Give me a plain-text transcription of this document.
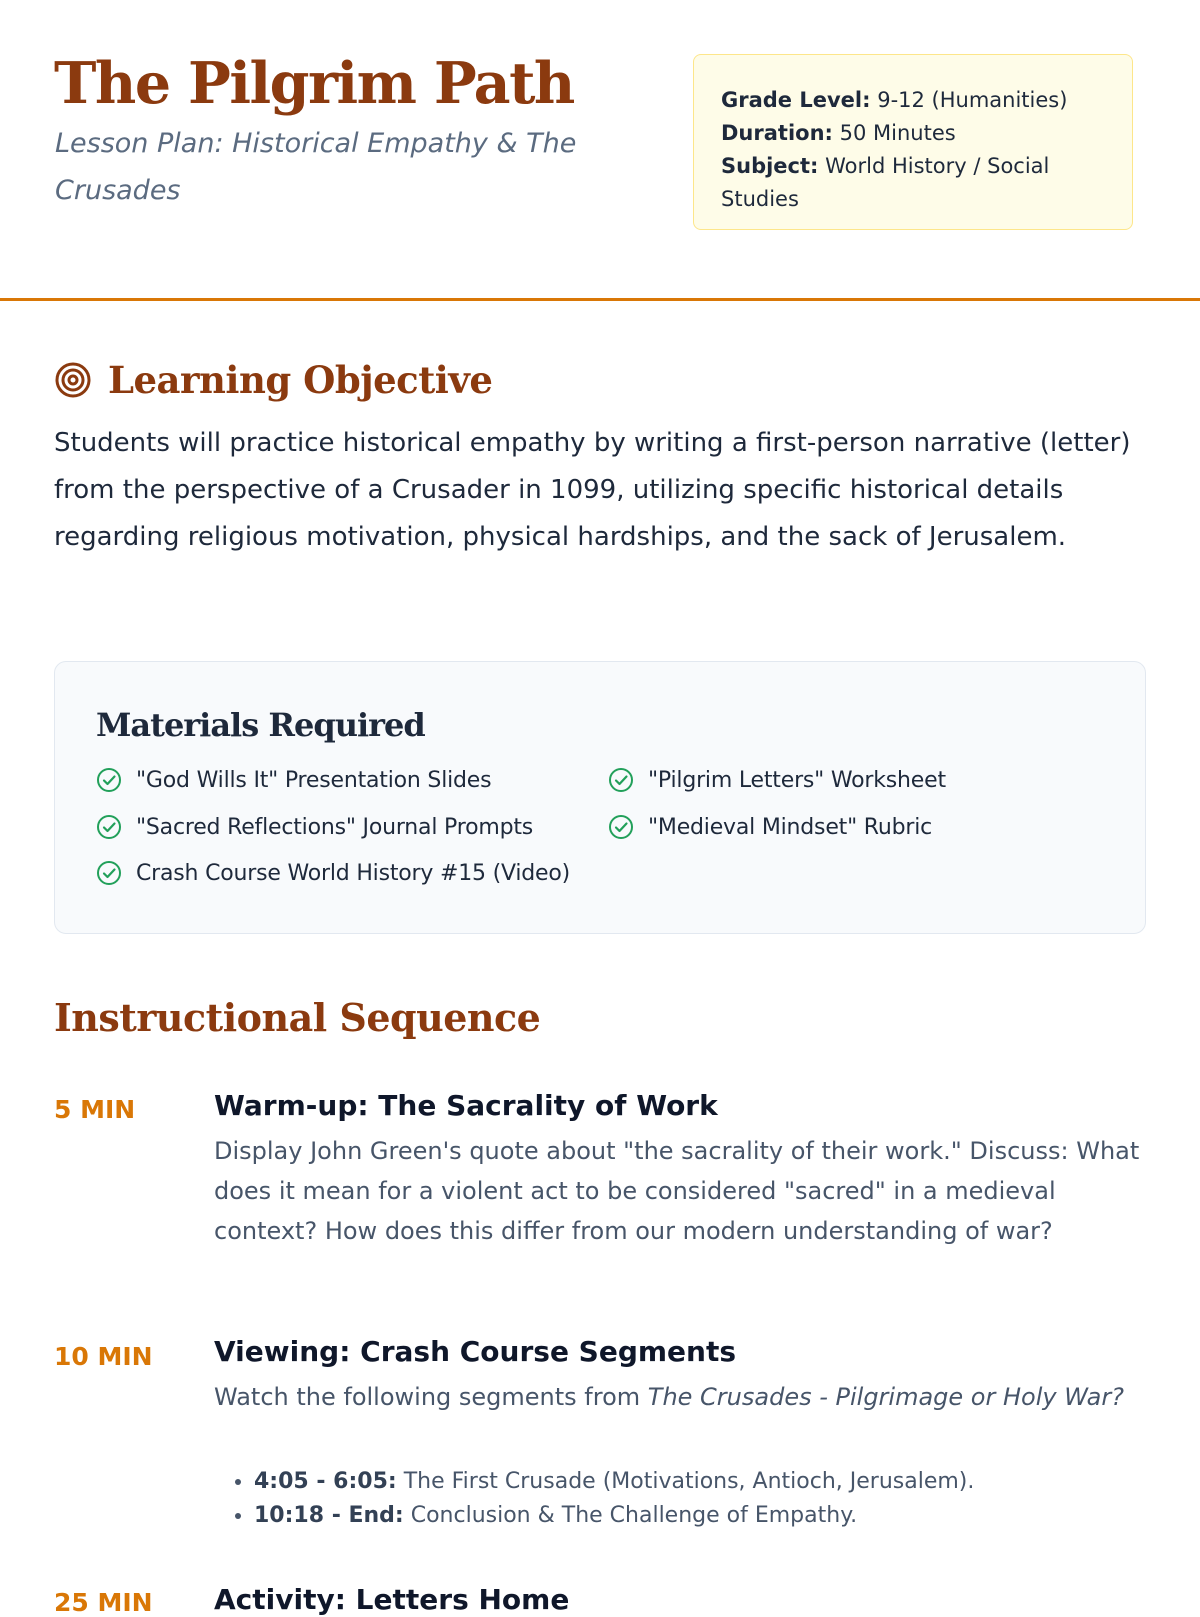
The Pilgrim Path

Lesson Plan: Historical Empathy & The Crusades

Grade Level: 9-12 (Humanities)
Duration: 50 Minutes
Subject: World History / Social Studies
Learning Objective

Students will practice historical empathy by writing a first-person narrative (letter) from the perspective of a Crusader in 1099, utilizing specific historical details regarding religious motivation, physical hardships, and the sack of Jerusalem.

Materials Required
"God Wills It" Presentation Slides	"Pilgrim Letters" Worksheet
"Sacred Reflections" Journal Prompts	"Medieval Mindset" Rubric
Crash Course World History #15 (Video)
Instructional Sequence
5 MIN	Warm-up: The Sacrality of Work

Display John Green's quote about "the sacrality of their work." Discuss: What does it mean for a violent act to be considered "sacred" in a medieval context? How does this differ from our modern understanding of war?

10 MIN Viewing: Crash Course Segments

Watch the following segments from The Crusades - Pilgrimage or Holy War?

• 4:05 - 6:05: The First Crusade (Motivations, Antioch, Jerusalem).
• 10:18 - End: Conclusion & The Challenge of Empathy.
25 MIN Activity: Letters Home
